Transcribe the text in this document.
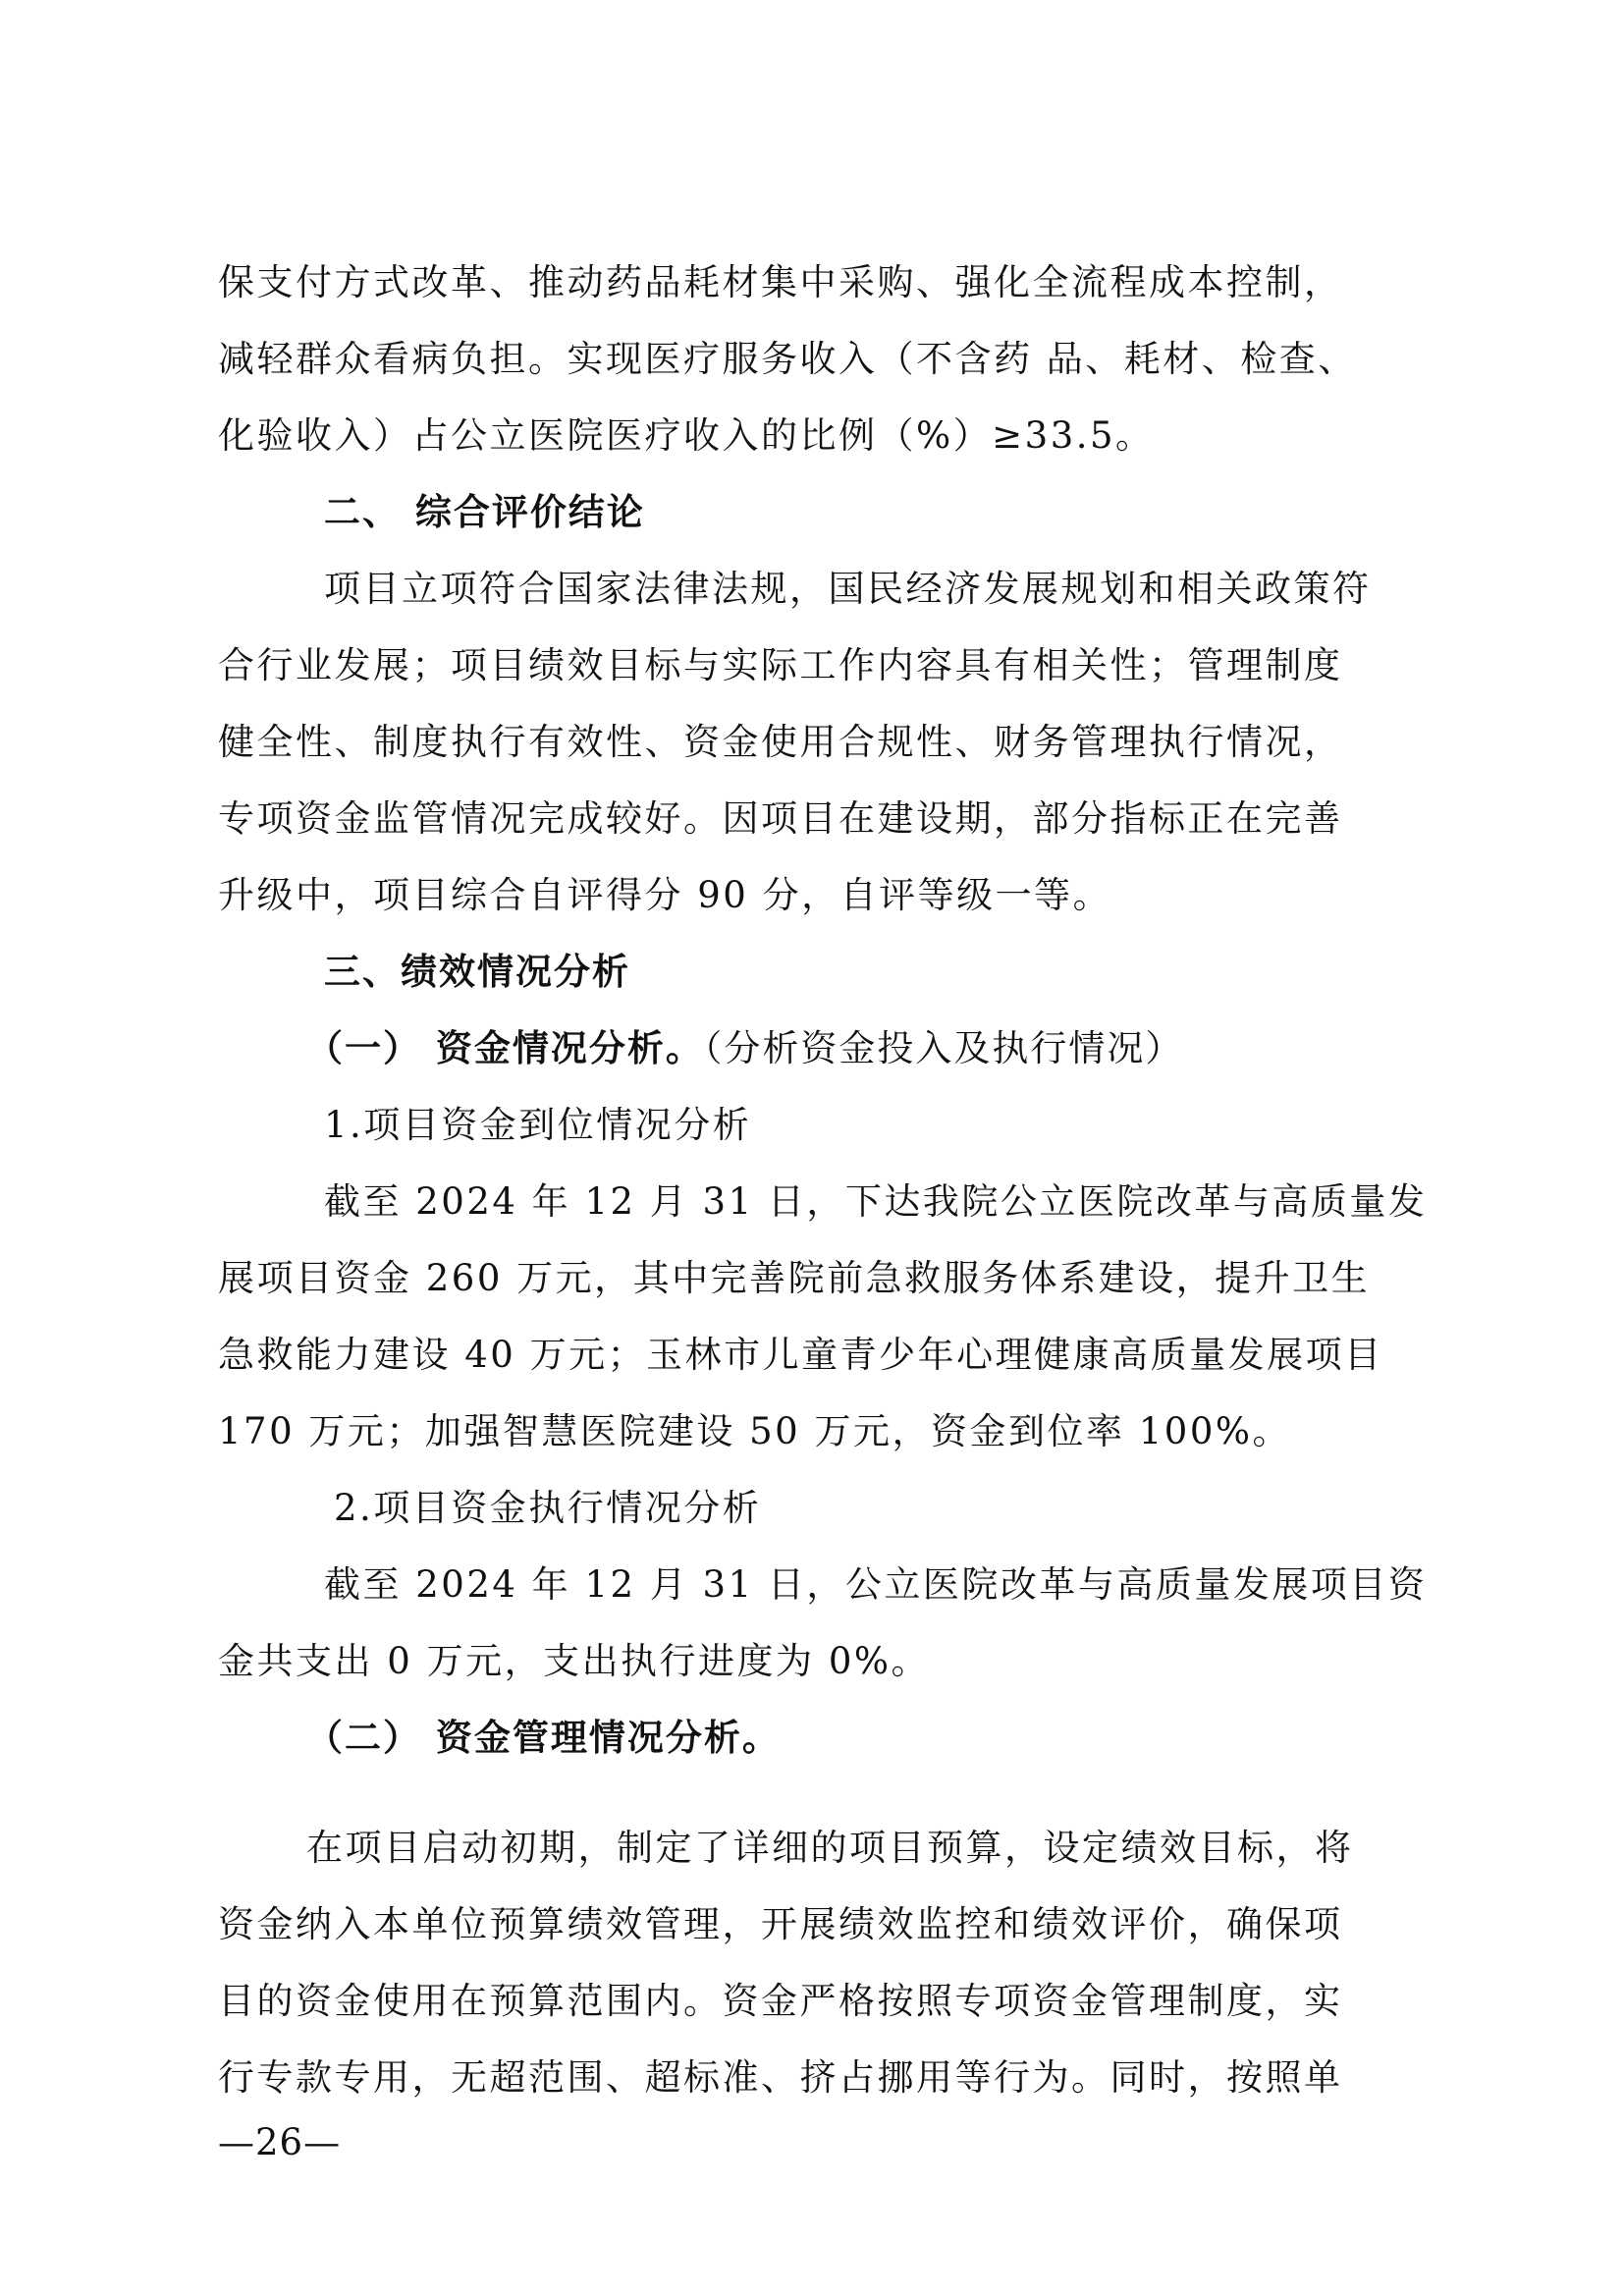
保支付方式改革、推动药品耗材集中采购、强化全流程成本控制，
减轻群众看病负担。实现医疗服务收入（不含药 品、耗材、检查、
化验收入）占公立医院医疗收入的比例（%）≥33.5。
二、 综合评价结论
项目立项符合国家法律法规，国民经济发展规划和相关政策符
合行业发展；项目绩效目标与实际工作内容具有相关性；管理制度
健全性、制度执行有效性、资金使用合规性、财务管理执行情况，
专项资金监管情况完成较好。因项目在建设期，部分指标正在完善
升级中，项目综合自评得分 90 分，自评等级一等。
三、绩效情况分析
（一） 资金情况分析。（分析资金投入及执行情况）
1.项目资金到位情况分析
截至 2024 年 12 月 31 日，下达我院公立医院改革与高质量发
展项目资金 260 万元，其中完善院前急救服务体系建设，提升卫生
急救能力建设 40 万元；玉林市儿童青少年心理健康高质量发展项目
170 万元；加强智慧医院建设 50 万元，资金到位率 100%。
2.项目资金执行情况分析
截至 2024 年 12 月 31 日，公立医院改革与高质量发展项目资
金共支出 0 万元，支出执行进度为 0%。
（二） 资金管理情况分析。
在项目启动初期，制定了详细的项目预算，设定绩效目标，将
资金纳入本单位预算绩效管理，开展绩效监控和绩效评价，确保项
目的资金使用在预算范围内。资金严格按照专项资金管理制度，实
行专款专用，无超范围、超标准、挤占挪用等行为。同时，按照单
—26—
